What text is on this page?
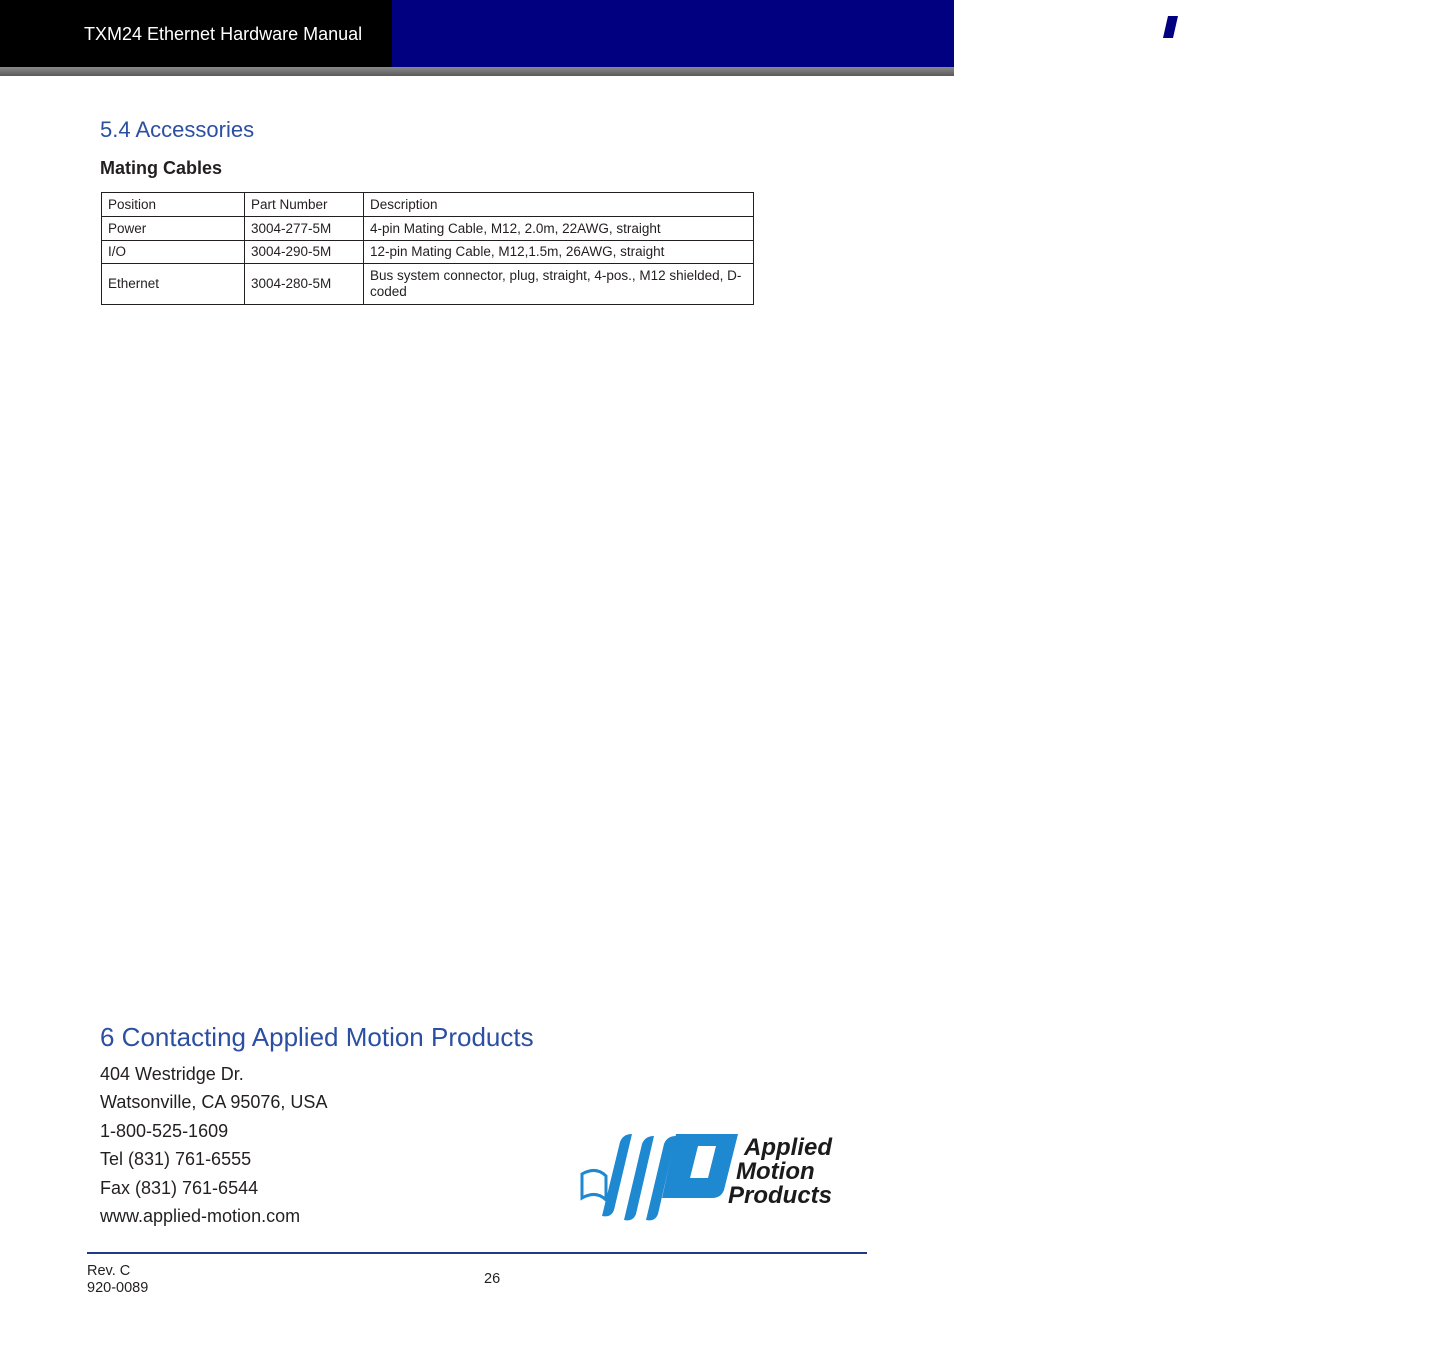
TXM24 Ethernet Hardware Manual
Applied
Motion
Products
5.4 Accessories
Mating Cables
Position	Part Number	Description
Power	3004-277-5M	4-pin Mating Cable, M12, 2.0m, 22AWG, straight
I/O	3004-290-5M	12-pin Mating Cable, M12,1.5m, 26AWG, straight
Ethernet	3004-280-5M	Bus system connector, plug, straight, 4-pos., M12 shielded, D-coded
6 Contacting Applied Motion Products
404 Westridge Dr.
Watsonville, CA 95076, USA
1-800-525-1609
Tel (831) 761-6555
Fax (831) 761-6544
www.applied-motion.com
Applied
Motion
Products
Rev. C
920-0089
26
